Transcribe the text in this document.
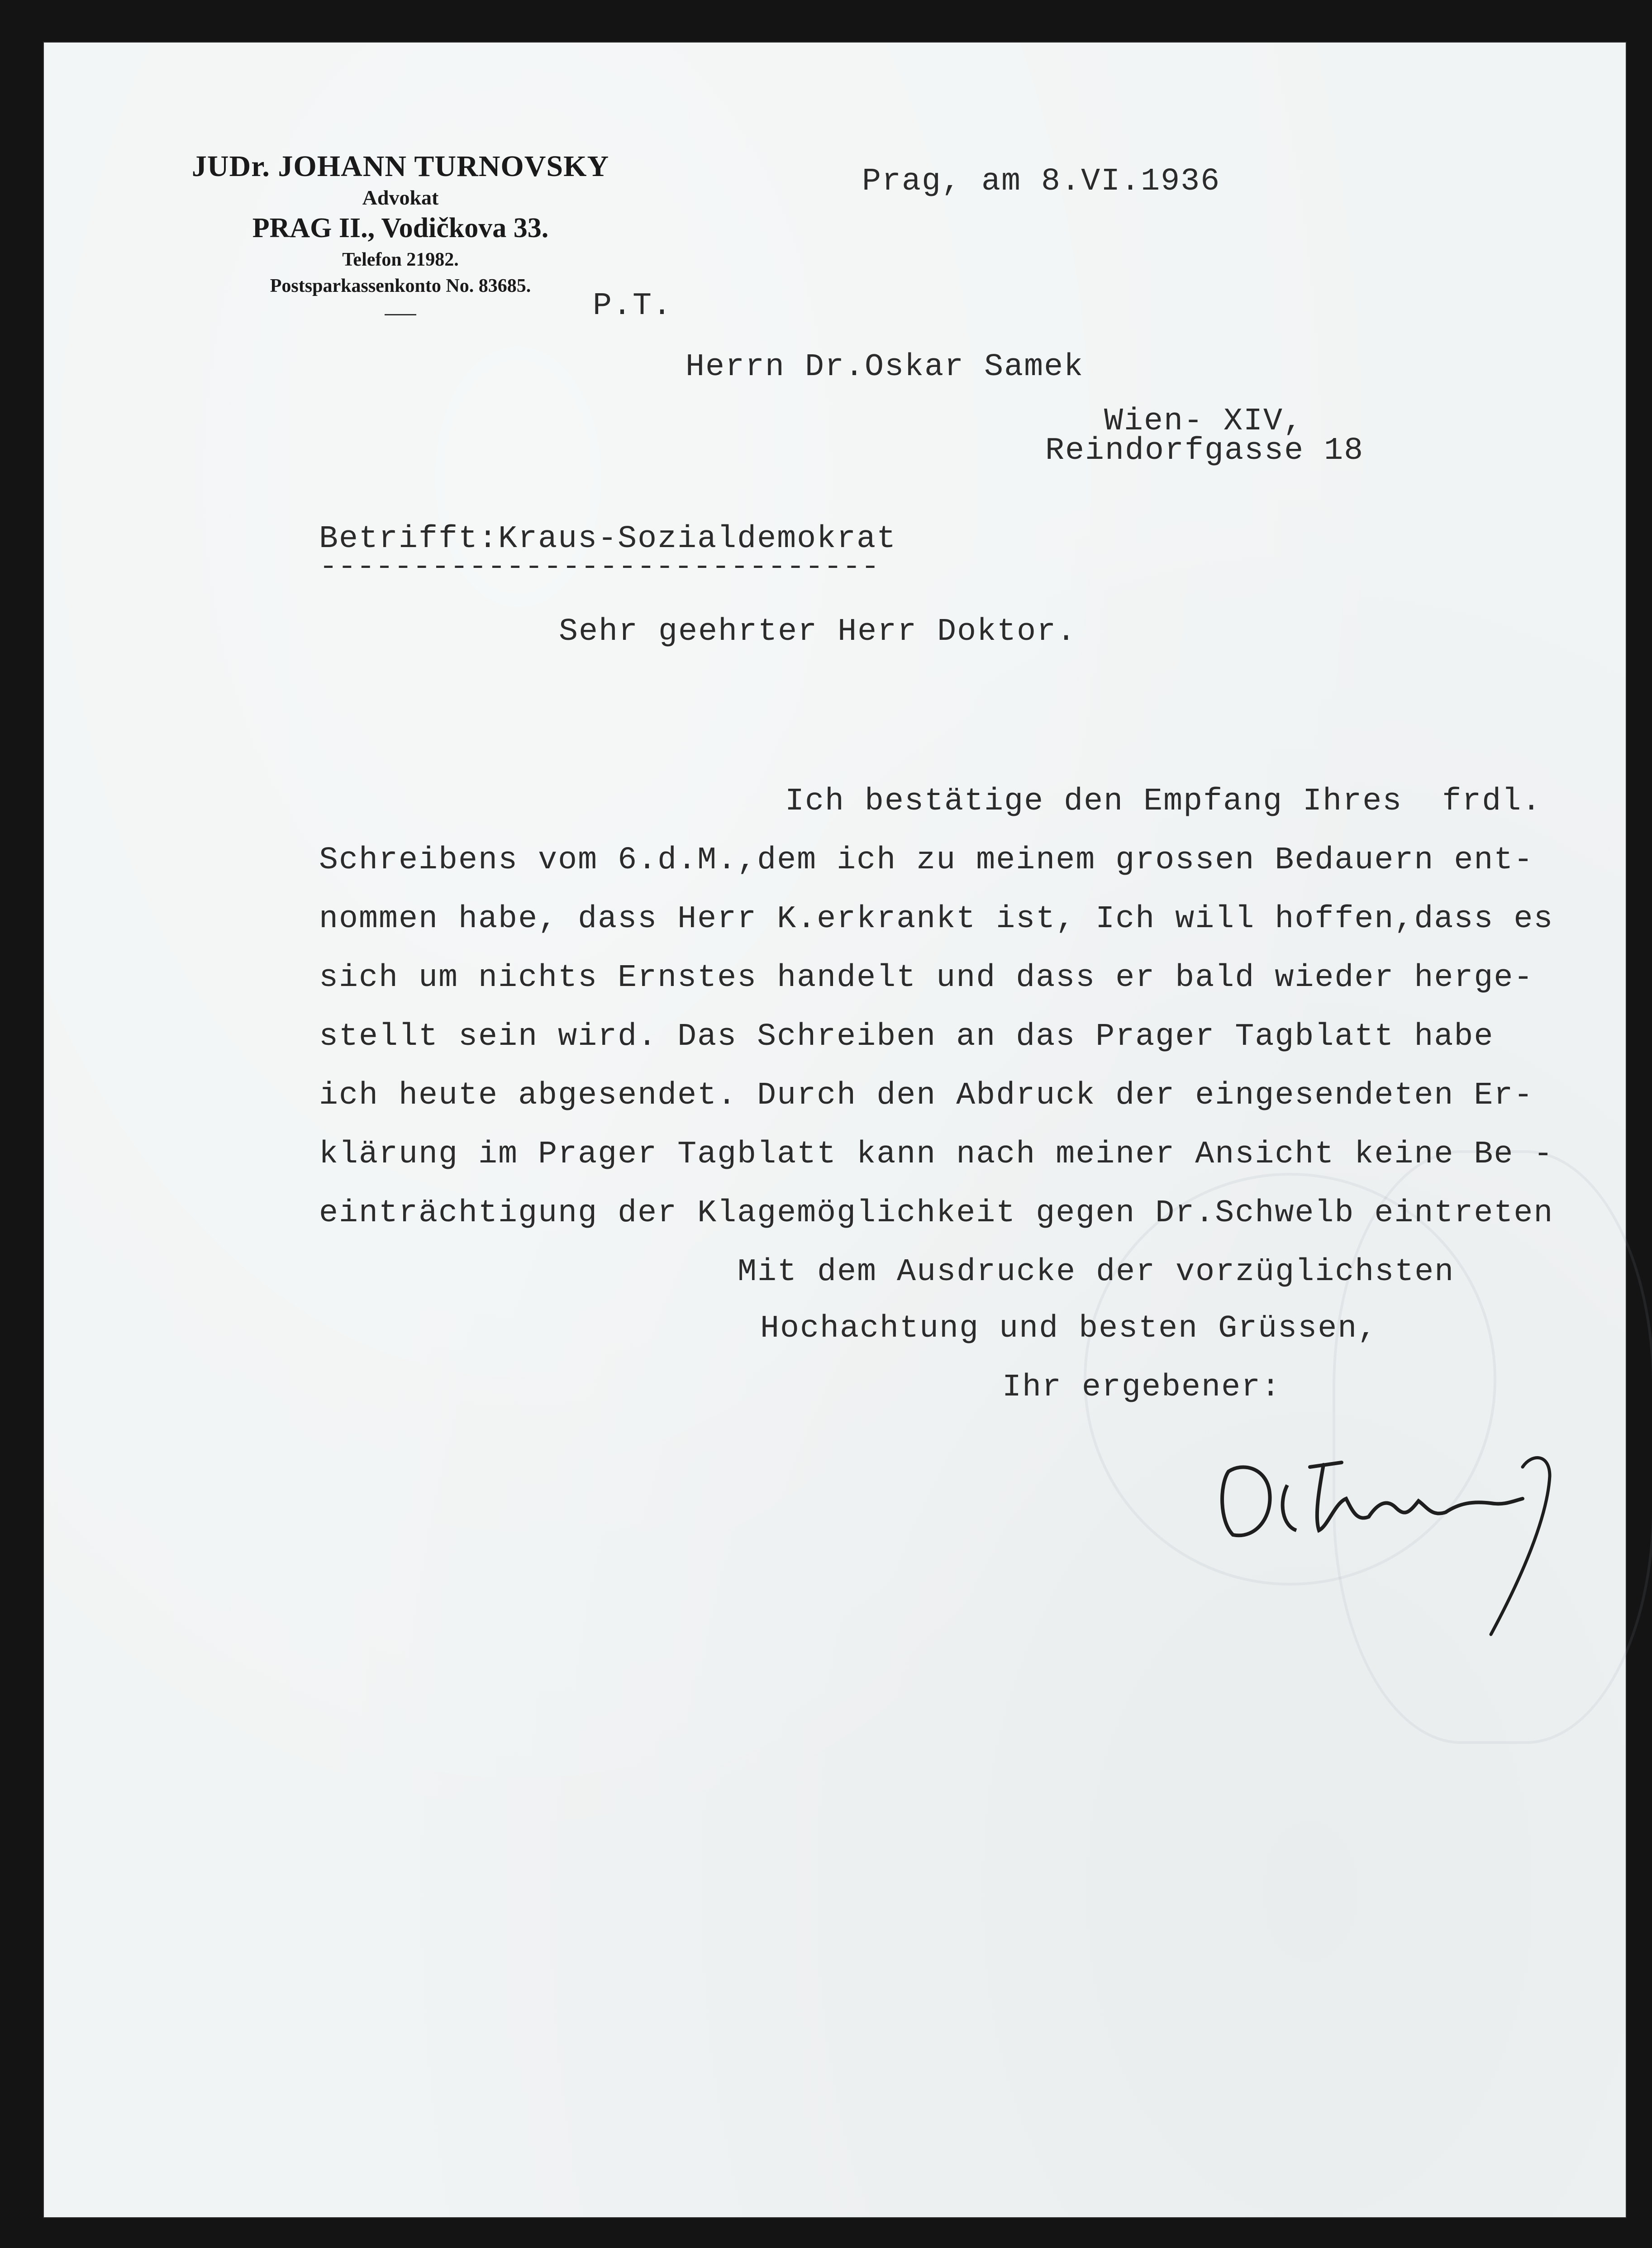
JUDr. JOHANN TURNOVSKY
Advokat
PRAG II., Vodičkova 33.
Telefon 21982.
Postsparkassenkonto No. 83685.
Prag, am 8.VI.1936
P.T.
Herrn Dr.Oskar Samek
Wien- XIV,
Reindorfgasse 18
Betrifft:Kraus-Sozialdemokrat
------------------------------
Sehr geehrter Herr Doktor.
Ich bestätige den Empfang Ihres  frdl.
Schreibens vom 6.d.M.,dem ich zu meinem grossen Bedauern ent-
nommen habe, dass Herr K.erkrankt ist, Ich will hoffen,dass es
sich um nichts Ernstes handelt und dass er bald wieder herge-
stellt sein wird. Das Schreiben an das Prager Tagblatt habe
ich heute abgesendet. Durch den Abdruck der eingesendeten Er-
klärung im Prager Tagblatt kann nach meiner Ansicht keine Be -
einträchtigung der Klagemöglichkeit gegen Dr.Schwelb eintreten
Mit dem Ausdrucke der vorzüglichsten
Hochachtung und besten Grüssen,
Ihr ergebener:
